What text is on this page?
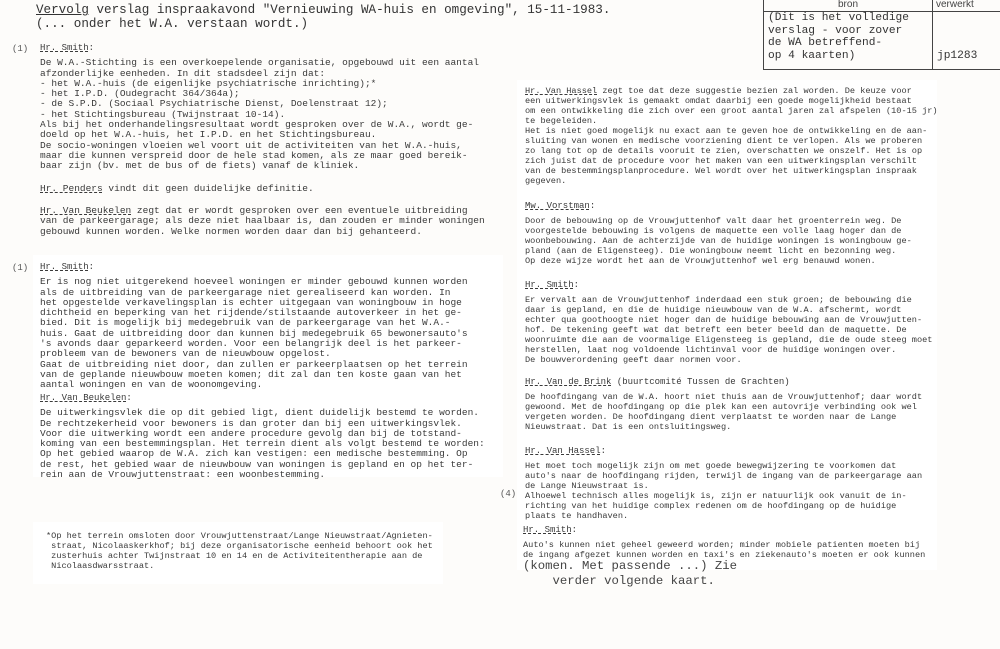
Vervolg verslag inspraakavond "Vernieuwing WA-huis en omgeving", 15-11-1983.
(... onder het W.A. verstaan wordt.)
bron	verwerkt
(Dit is het volledige
verslag - voor zover
de WA betreffend-
op 4 kaarten)	jp1283
(1)
(1)
(4)
Hr. Smith:
De W.A.-Stichting is een overkoepelende organisatie, opgebouwd uit een aantal
afzonderlijke eenheden. In dit stadsdeel zijn dat:
- het W.A.-huis (de eigenlijke psychiatrische inrichting);*
- het I.P.D. (Oudegracht 364/364a);
- de S.P.D. (Sociaal Psychiatrische Dienst, Doelenstraat 12);
- het Stichtingsbureau (Twijnstraat 10-14).
Als bij het onderhandelingsresultaat wordt gesproken over de W.A., wordt ge-
doeld op het W.A.-huis, het I.P.D. en het Stichtingsbureau.
De socio-woningen vloeien wel voort uit de activiteiten van het W.A.-huis,
maar die kunnen verspreid door de hele stad komen, als ze maar goed bereik-
baar zijn (bv. met de bus of de fiets) vanaf de kliniek.
Hr. Penders vindt dit geen duidelijke definitie.
Hr. Van Beukelen zegt dat er wordt gesproken over een eventuele uitbreiding
van de parkeergarage; als deze niet haalbaar is, dan zouden er minder woningen
gebouwd kunnen worden. Welke normen worden daar dan bij gehanteerd.
Hr. Smith:
Er is nog niet uitgerekend hoeveel woningen er minder gebouwd kunnen worden
als de uitbreiding van de parkeergarage niet gerealiseerd kan worden. In
het opgestelde verkavelingsplan is echter uitgegaan van woningbouw in hoge
dichtheid en beperking van het rijdende/stilstaande autoverkeer in het ge-
bied. Dit is mogelijk bij medegebruik van de parkeergarage van het W.A.-
huis. Gaat de uitbreiding door dan kunnen bij medegebruik 65 bewonersauto's
's avonds daar geparkeerd worden. Voor een belangrijk deel is het parkeer-
probleem van de bewoners van de nieuwbouw opgelost.
Gaat de uitbreiding niet door, dan zullen er parkeerplaatsen op het terrein
van de geplande nieuwbouw moeten komen; dit zal dan ten koste gaan van het
aantal woningen en van de woonomgeving.
Hr. Van Beukelen:
De uitwerkingsvlek die op dit gebied ligt, dient duidelijk bestemd te worden.
De rechtzekerheid voor bewoners is dan groter dan bij een uitwerkingsvlek.
Voor die uitwerking wordt een andere procedure gevolg dan bij de totstand-
koming van een bestemmingsplan. Het terrein dient als volgt bestemd te worden:
Op het gebied waarop de W.A. zich kan vestigen: een medische bestemming. Op
de rest, het gebied waar de nieuwbouw van woningen is gepland en op het ter-
rein aan de Vrouwjuttenstraat: een woonbestemming.
*Op het terrein omsloten door Vrouwjuttenstraat/Lange Nieuwstraat/Agnieten-
straat, Nicolaaskerkhof; bij deze organisatorische eenheid behoort ook het
zusterhuis achter Twijnstraat 10 en 14 en de Activiteitentherapie aan de
Nicolaasdwarsstraat.
Hr. Van Hassel zegt toe dat deze suggestie bezien zal worden. De keuze voor
een uitwerkingsvlek is gemaakt omdat daarbij een goede mogelijkheid bestaat
om een ontwikkeling die zich over een groot aantal jaren zal afspelen (10-15 jr)
te begeleiden.
Het is niet goed mogelijk nu exact aan te geven hoe de ontwikkeling en de aan-
sluiting van wonen en medische voorziening dient te verlopen. Als we proberen
zo lang tot op de details vooruit te zien, overschatten we onszelf. Het is op
zich juist dat de procedure voor het maken van een uitwerkingsplan verschilt
van de bestemmingsplanprocedure. Wel wordt over het uitwerkingsplan inspraak
gegeven.
Mw. Vorstman:
Door de bebouwing op de Vrouwjuttenhof valt daar het groenterrein weg. De
voorgestelde bebouwing is volgens de maquette een volle laag hoger dan de
woonbebouwing. Aan de achterzijde van de huidige woningen is woningbouw ge-
pland (aan de Eligensteeg). Die woningbouw neemt licht en bezonning weg.
Op deze wijze wordt het aan de Vrouwjuttenhof wel erg benauwd wonen.
Hr. Smith:
Er vervalt aan de Vrouwjuttenhof inderdaad een stuk groen; de bebouwing die
daar is gepland, en die de huidige nieuwbouw van de W.A. afschermt, wordt
echter qua goothoogte niet hoger dan de huidige bebouwing aan de Vrouwjutten-
hof. De tekening geeft wat dat betreft een beter beeld dan de maquette. De
woonruimte die aan de voormalige Eligensteeg is gepland, die de oude steeg moet
herstellen, laat nog voldoende lichtinval voor de huidige woningen over.
De bouwverordening geeft daar normen voor.
Hr. Van de Brink (buurtcomité Tussen de Grachten)
De hoofdingang van de W.A. hoort niet thuis aan de Vrouwjuttenhof; daar wordt
gewoond. Met de hoofdingang op die plek kan een autovrije verbinding ook wel
vergeten worden. De hoofdingang dient verplaatst te worden naar de Lange
Nieuwstraat. Dat is een ontsluitingsweg.
Hr. Van Hassel:
Het moet toch mogelijk zijn om met goede bewegwijzering te voorkomen dat
auto's naar de hoofdingang rijden, terwijl de ingang van de parkeergarage aan
de Lange Nieuwstraat is.
Alhoewel technisch alles mogelijk is, zijn er natuurlijk ook vanuit de in-
richting van het huidige complex redenen om de hoofdingang op de huidige
plaats te handhaven.
Hr. Smith:
Auto's kunnen niet geheel geweerd worden; minder mobiele patienten moeten bij
de ingang afgezet kunnen worden en taxi's en ziekenauto's moeten er ook kunnen
(komen. Met passende ...) Zie
verder volgende kaart.
